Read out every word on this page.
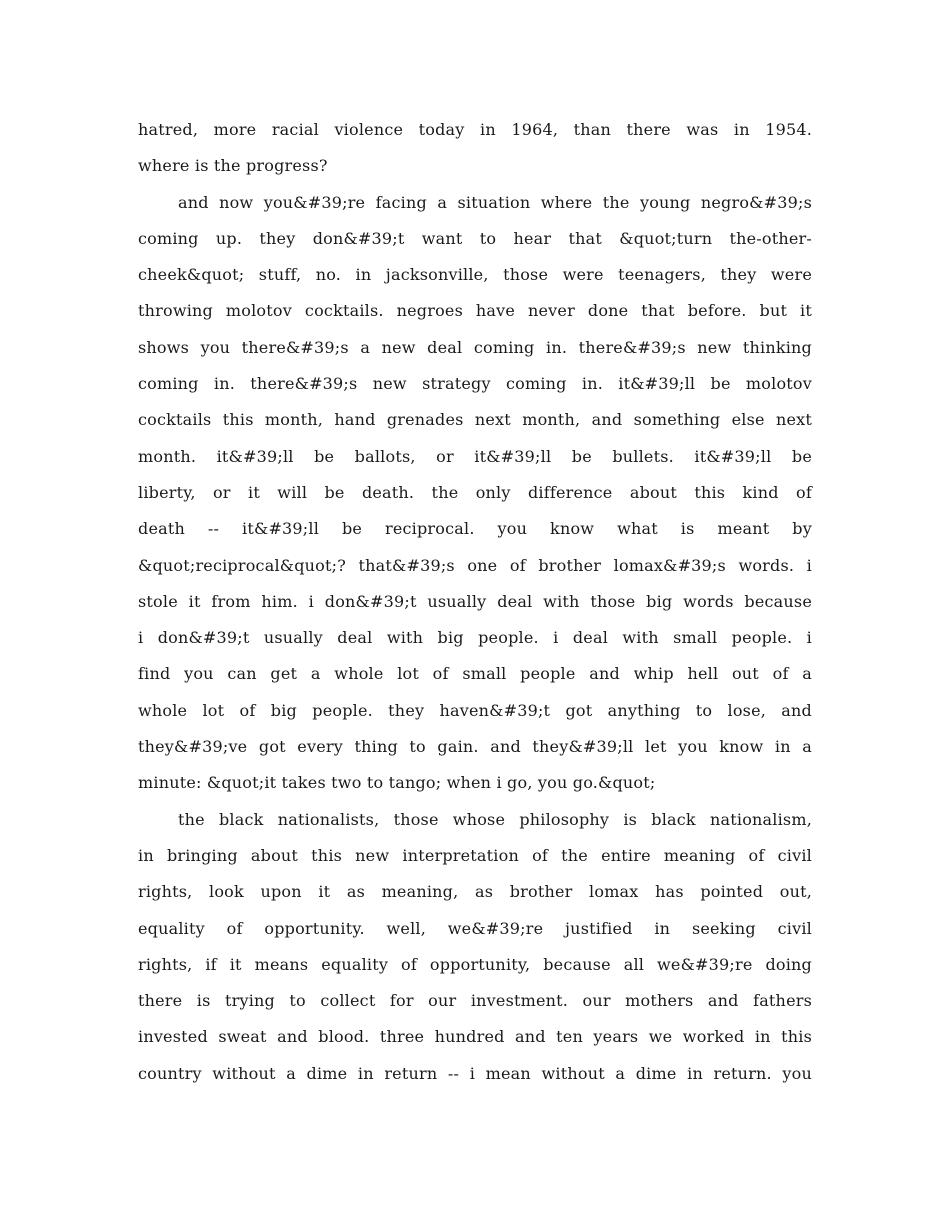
hatred, more racial violence today in 1964, than there was in 1954.
where is the progress?
and now you&#39;re facing a situation where the young negro&#39;s
coming up. they don&#39;t want to hear that &quot;turn the-other-
cheek&quot; stuff, no. in jacksonville, those were teenagers, they were
throwing molotov cocktails. negroes have never done that before. but it
shows you there&#39;s a new deal coming in. there&#39;s new thinking
coming in. there&#39;s new strategy coming in. it&#39;ll be molotov
cocktails this month, hand grenades next month, and something else next
month. it&#39;ll be ballots, or it&#39;ll be bullets. it&#39;ll be
liberty, or it will be death. the only difference about this kind of
death -- it&#39;ll be reciprocal. you know what is meant by
&quot;reciprocal&quot;? that&#39;s one of brother lomax&#39;s words. i
stole it from him. i don&#39;t usually deal with those big words because
i don&#39;t usually deal with big people. i deal with small people. i
find you can get a whole lot of small people and whip hell out of a
whole lot of big people. they haven&#39;t got anything to lose, and
they&#39;ve got every thing to gain. and they&#39;ll let you know in a
minute: &quot;it takes two to tango; when i go, you go.&quot;
the black nationalists, those whose philosophy is black nationalism,
in bringing about this new interpretation of the entire meaning of civil
rights, look upon it as meaning, as brother lomax has pointed out,
equality of opportunity. well, we&#39;re justified in seeking civil
rights, if it means equality of opportunity, because all we&#39;re doing
there is trying to collect for our investment. our mothers and fathers
invested sweat and blood. three hundred and ten years we worked in this
country without a dime in return -- i mean without a dime in return. you
